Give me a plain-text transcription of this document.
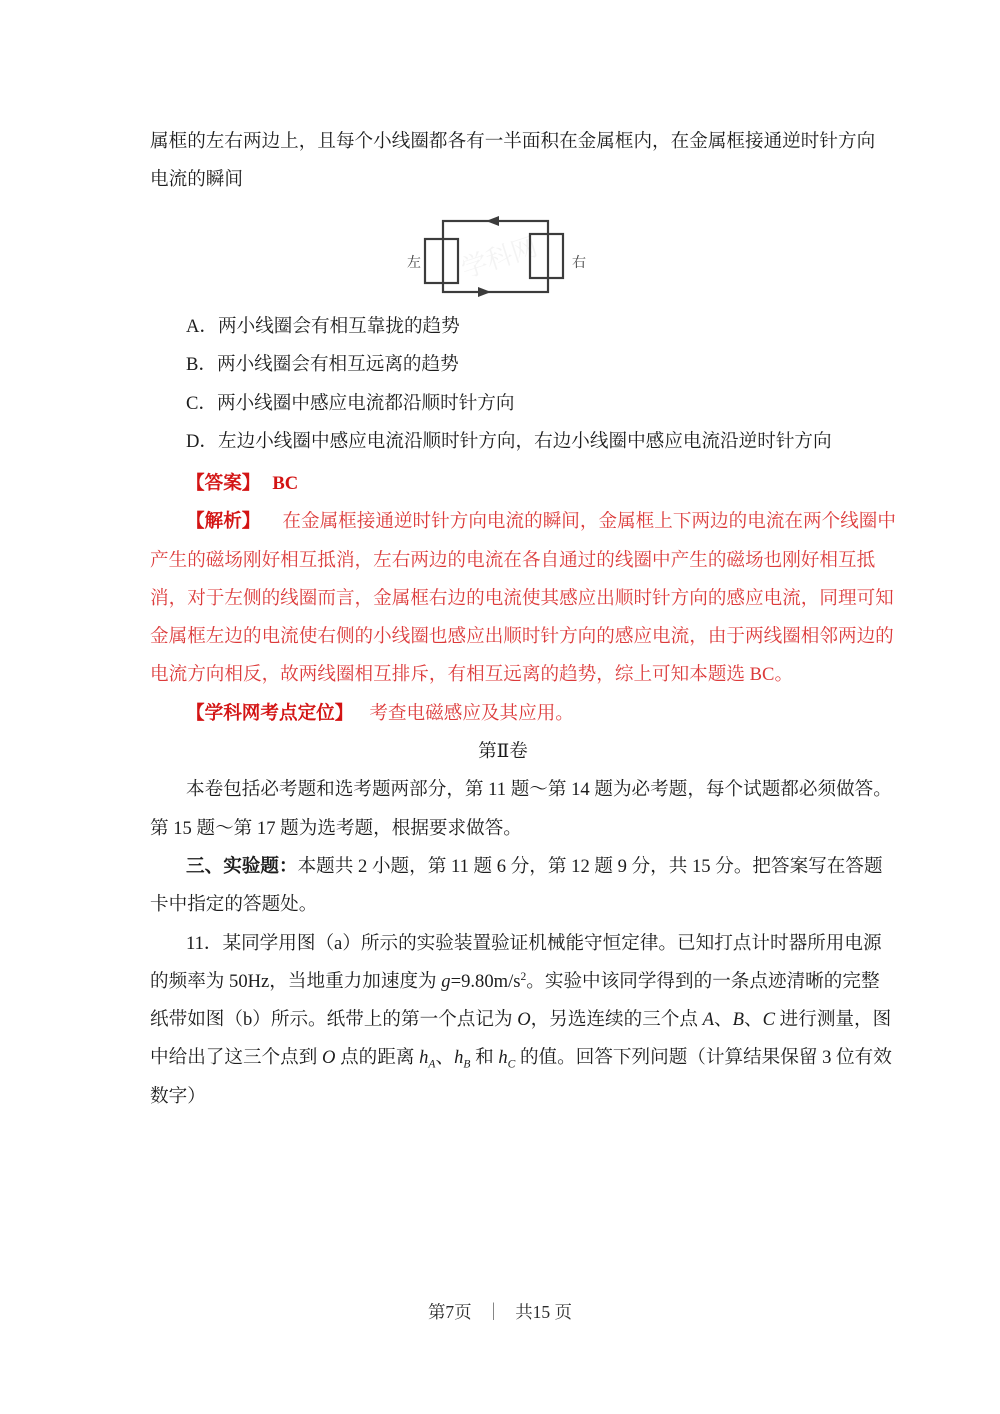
属框的左右两边上，且每个小线圈都各有一半面积在金属框内，在金属框接通逆时针方向
电流的瞬间
学科网
左	右
A．两小线圈会有相互靠拢的趋势
B．两小线圈会有相互远离的趋势
C．两小线圈中感应电流都沿顺时针方向
D．左边小线圈中感应电流沿顺时针方向，右边小线圈中感应电流沿逆时针方向
【答案】 BC
【解析】 在金属框接通逆时针方向电流的瞬间，金属框上下两边的电流在两个线圈中
产生的磁场刚好相互抵消，左右两边的电流在各自通过的线圈中产生的磁场也刚好相互抵
消，对于左侧的线圈而言，金属框右边的电流使其感应出顺时针方向的感应电流，同理可知
金属框左边的电流使右侧的小线圈也感应出顺时针方向的感应电流，由于两线圈相邻两边的
电流方向相反，故两线圈相互排斥，有相互远离的趋势，综上可知本题选 BC。
【学科网考点定位】 考查电磁感应及其应用。
第Ⅱ卷
本卷包括必考题和选考题两部分，第 11 题～第 14 题为必考题，每个试题都必须做答。
第 15 题～第 17 题为选考题，根据要求做答。
三、实验题：本题共 2 小题，第 11 题 6 分，第 12 题 9 分，共 15 分。把答案写在答题
卡中指定的答题处。
11．某同学用图（a）所示的实验装置验证机械能守恒定律。已知打点计时器所用电源
的频率为 50Hz，当地重力加速度为 $g=9.80m/s^2$。实验中该同学得到的一条点迹清晰的完整
纸带如图（b）所示。纸带上的第一个点记为 O，另选连续的三个点 A、B、C 进行测量，图
中给出了这三个点到 O 点的距离 $h_A$、$h_B$ 和 $h_C$ 的值。回答下列问题（计算结果保留 3 位有效
数字）
第7页 ｜ 共15 页
